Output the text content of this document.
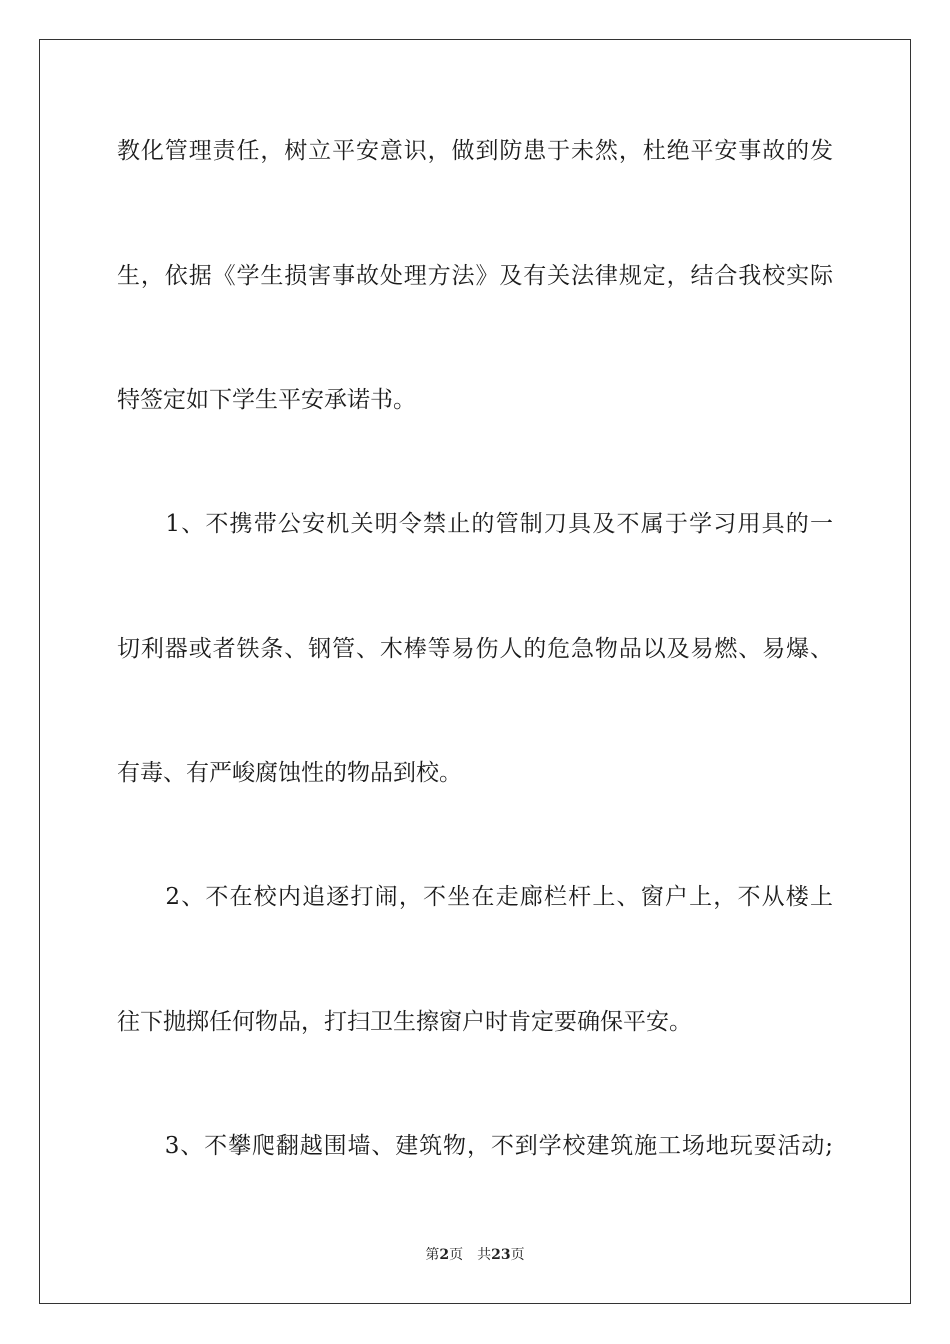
教化管理责任，树立平安意识，做到防患于未然，杜绝平安事故的发
生，依据《学生损害事故处理方法》及有关法律规定，结合我校实际
特签定如下学生平安承诺书。
　　1、不携带公安机关明令禁止的管制刀具及不属于学习用具的一
切利器或者铁条、钢管、木棒等易伤人的危急物品以及易燃、易爆、
有毒、有严峻腐蚀性的物品到校。
　　2、不在校内追逐打闹，不坐在走廊栏杆上、窗户上，不从楼上
往下抛掷任何物品，打扫卫生擦窗户时肯定要确保平安。
　　3、不攀爬翻越围墙、建筑物，不到学校建筑施工场地玩耍活动;
第2页 共23页
